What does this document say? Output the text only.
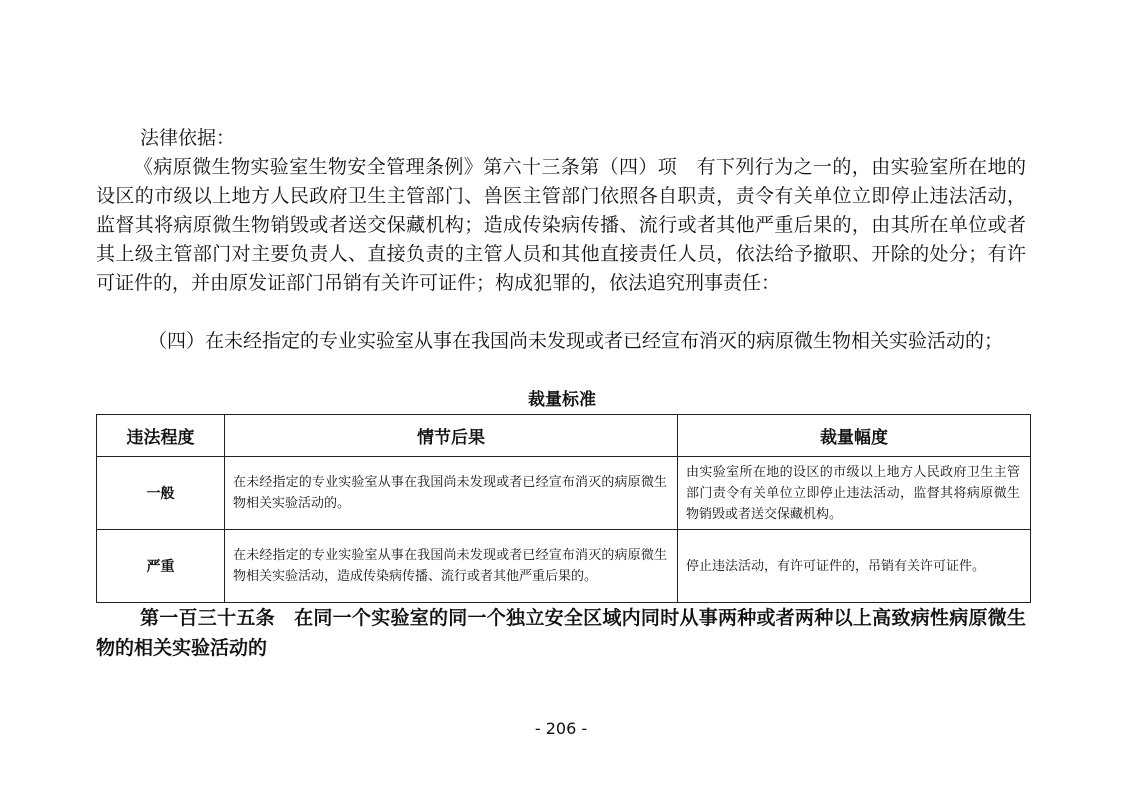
法律依据：
《病原微生物实验室生物安全管理条例》第六十三条第（四）项　有下列行为之一的，由实验室所在地的设区的市级以上地方人民政府卫生主管部门、兽医主管部门依照各自职责，责令有关单位立即停止违法活动，监督其将病原微生物销毁或者送交保藏机构；造成传染病传播、流行或者其他严重后果的，由其所在单位或者其上级主管部门对主要负责人、直接负责的主管人员和其他直接责任人员，依法给予撤职、开除的处分；有许可证件的，并由原发证部门吊销有关许可证件；构成犯罪的，依法追究刑事责任：
（四）在未经指定的专业实验室从事在我国尚未发现或者已经宣布消灭的病原微生物相关实验活动的；
裁量标准
违法程度	情节后果	裁量幅度
一般	在未经指定的专业实验室从事在我国尚未发现或者已经宣布消灭的病原微生物相关实验活动的。	由实验室所在地的设区的市级以上地方人民政府卫生主管部门责令有关单位立即停止违法活动，监督其将病原微生物销毁或者送交保藏机构。
严重	在未经指定的专业实验室从事在我国尚未发现或者已经宣布消灭的病原微生物相关实验活动，造成传染病传播、流行或者其他严重后果的。	停止违法活动，有许可证件的，吊销有关许可证件。
第一百三十五条　在同一个实验室的同一个独立安全区域内同时从事两种或者两种以上高致病性病原微生物的相关实验活动的
- 206 -
